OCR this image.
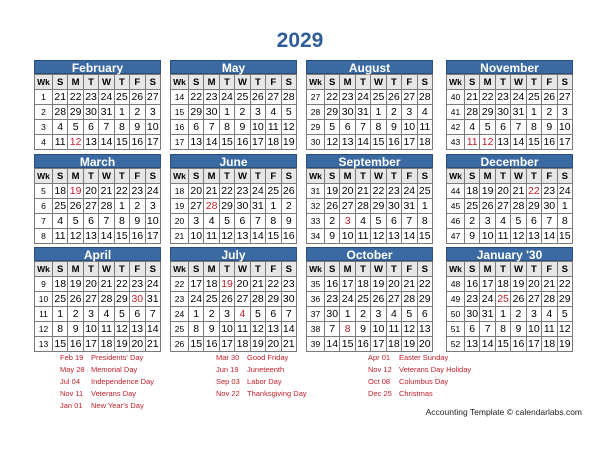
2029
February
Wk	S	M	T	W	T	F	S
1	21	22	23	24	25	26	27
2	28	29	30	31	1	2	3
3	4	5	6	7	8	9	10
4	11	12	13	14	15	16	17
May
Wk	S	M	T	W	T	F	S
14	22	23	24	25	26	27	28
15	29	30	1	2	3	4	5
16	6	7	8	9	10	11	12
17	13	14	15	16	17	18	19
August
Wk	S	M	T	W	T	F	S
27	22	23	24	25	26	27	28
28	29	30	31	1	2	3	4
29	5	6	7	8	9	10	11
30	12	13	14	15	16	17	18
November
Wk	S	M	T	W	T	F	S
40	21	22	23	24	25	26	27
41	28	29	30	31	1	2	3
42	4	5	6	7	8	9	10
43	11	12	13	14	15	16	17
March
Wk	S	M	T	W	T	F	S
5	18	19	20	21	22	23	24
6	25	26	27	28	1	2	3
7	4	5	6	7	8	9	10
8	11	12	13	14	15	16	17
June
Wk	S	M	T	W	T	F	S
18	20	21	22	23	24	25	26
19	27	28	29	30	31	1	2
20	3	4	5	6	7	8	9
21	10	11	12	13	14	15	16
September
Wk	S	M	T	W	T	F	S
31	19	20	21	22	23	24	25
32	26	27	28	29	30	31	1
33	2	3	4	5	6	7	8
34	9	10	11	12	13	14	15
December
Wk	S	M	T	W	T	F	S
44	18	19	20	21	22	23	24
45	25	26	27	28	29	30	1
46	2	3	4	5	6	7	8
47	9	10	11	12	13	14	15
April
Wk	S	M	T	W	T	F	S
9	18	19	20	21	22	23	24
10	25	26	27	28	29	30	31
11	1	2	3	4	5	6	7
12	8	9	10	11	12	13	14
13	15	16	17	18	19	20	21
July
Wk	S	M	T	W	T	F	S
22	17	18	19	20	21	22	23
23	24	25	26	27	28	29	30
24	1	2	3	4	5	6	7
25	8	9	10	11	12	13	14
26	15	16	17	18	19	20	21
October
Wk	S	M	T	W	T	F	S
35	16	17	18	19	20	21	22
36	23	24	25	26	27	28	29
37	30	1	2	3	4	5	6
38	7	8	9	10	11	12	13
39	14	15	16	17	18	19	20
January '30
Wk	S	M	T	W	T	F	S
48	16	17	18	19	20	21	22
49	23	24	25	26	27	28	29
50	30	31	1	2	3	4	5
51	6	7	8	9	10	11	12
52	13	14	15	16	17	18	19
Feb 19 Presidents' Day
May 28 Memorial Day
Jul 04 Independence Day
Nov 11 Veterans Day
Jan 01 New Year's Day
Mar 30 Good Friday
Jun 19 Juneteenth
Sep 03 Labor Day
Nov 22 Thanksgiving Day
Apr 01 Easter Sunday
Nov 12 Veterans Day Holiday
Oct 08 Columbus Day
Dec 25 Christmas
Accounting Template © calendarlabs.com
